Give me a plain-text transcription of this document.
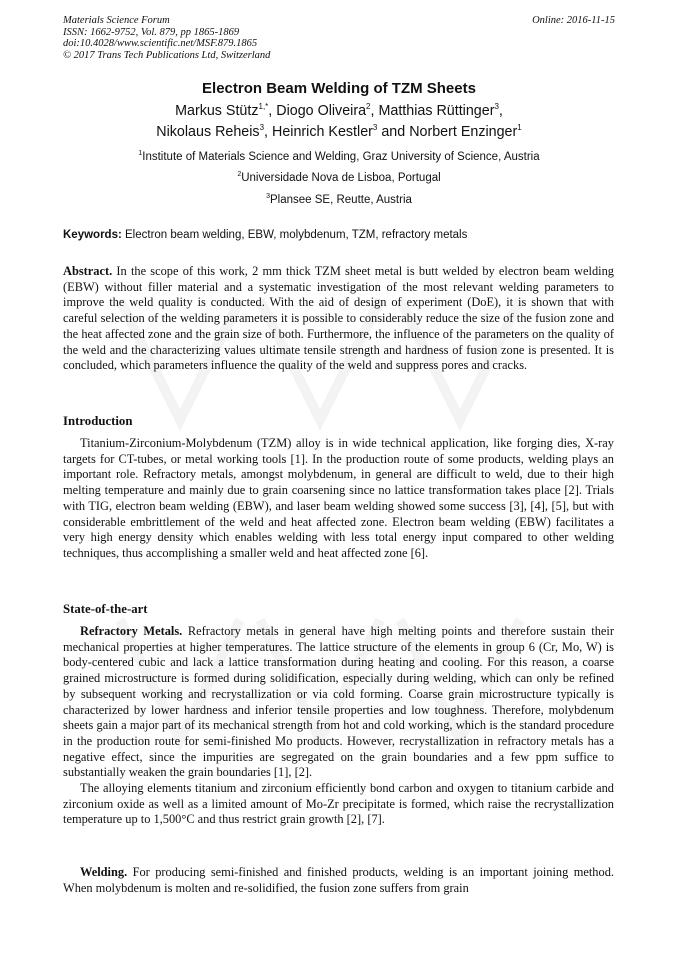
Materials Science Forum
ISSN: 1662-9752, Vol. 879, pp 1865-1869
doi:10.4028/www.scientific.net/MSF.879.1865
© 2017 Trans Tech Publications Ltd, Switzerland
Online: 2016-11-15
Electron Beam Welding of TZM Sheets
Markus Stütz$^{1,*}$, Diogo Oliveira$^2$, Matthias Rüttinger$^3$,
Nikolaus Reheis$^3$, Heinrich Kestler$^3$ and Norbert Enzinger$^1$
$^1$Institute of Materials Science and Welding, Graz University of Science, Austria
$^2$Universidade Nova de Lisboa, Portugal
$^3$Plansee SE, Reutte, Austria
Keywords: Electron beam welding, EBW, molybdenum, TZM, refractory metals

Abstract. In the scope of this work, 2 mm thick TZM sheet metal is butt welded by electron beam welding (EBW) without filler material and a systematic investigation of the most relevant welding parameters to improve the weld quality is conducted. With the aid of design of experiment (DoE), it is shown that with careful selection of the welding parameters it is possible to considerably reduce the size of the fusion zone and the heat affected zone and the grain size of both. Furthermore, the influence of the parameters on the quality of the weld and the characterizing values ultimate tensile strength and hardness of fusion zone is presented. It is concluded, which parameters influence the quality of the weld and suppress pores and cracks.

Introduction

Titanium-Zirconium-Molybdenum (TZM) alloy is in wide technical application, like forging dies, X-ray targets for CT-tubes, or metal working tools [1]. In the production route of some products, welding plays an important role. Refractory metals, amongst molybdenum, in general are difficult to weld, due to their high melting temperature and mainly due to grain coarsening since no lattice transformation takes place [2]. Trials with TIG, electron beam welding (EBW), and laser beam welding showed some success [3], [4], [5], but with considerable embrittlement of the weld and heat affected zone. Electron beam welding (EBW) facilitates a very high energy density which enables welding with less total energy input compared to other welding techniques, thus accomplishing a smaller weld and heat affected zone [6].

State-of-the-art

Refractory Metals. Refractory metals in general have high melting points and therefore sustain their mechanical properties at higher temperatures. The lattice structure of the elements in group 6 (Cr, Mo, W) is body-centered cubic and lack a lattice transformation during heating and cooling. For this reason, a coarse grained microstructure is formed during solidification, especially during welding, which can only be refined by subsequent working and recrystallization or via cold forming. Coarse grain microstructure typically is characterized by lower hardness and inferior tensile properties and low toughness. Therefore, molybdenum sheets gain a major part of its mechanical strength from hot and cold working, which is the standard procedure in the production route for semi-finished Mo products. However, recrystallization in refractory metals has a negative effect, since the impurities are segregated on the grain boundaries and a few ppm suffice to substantially weaken the grain boundaries [1], [2].

The alloying elements titanium and zirconium efficiently bond carbon and oxygen to titanium carbide and zirconium oxide as well as a limited amount of Mo-Zr precipitate is formed, which raise the recrystallization temperature up to 1,500°C and thus restrict grain growth [2], [7].

Welding. For producing semi-finished and finished products, welding is an important joining method. When molybdenum is molten and re-solidified, the fusion zone suffers from grain
